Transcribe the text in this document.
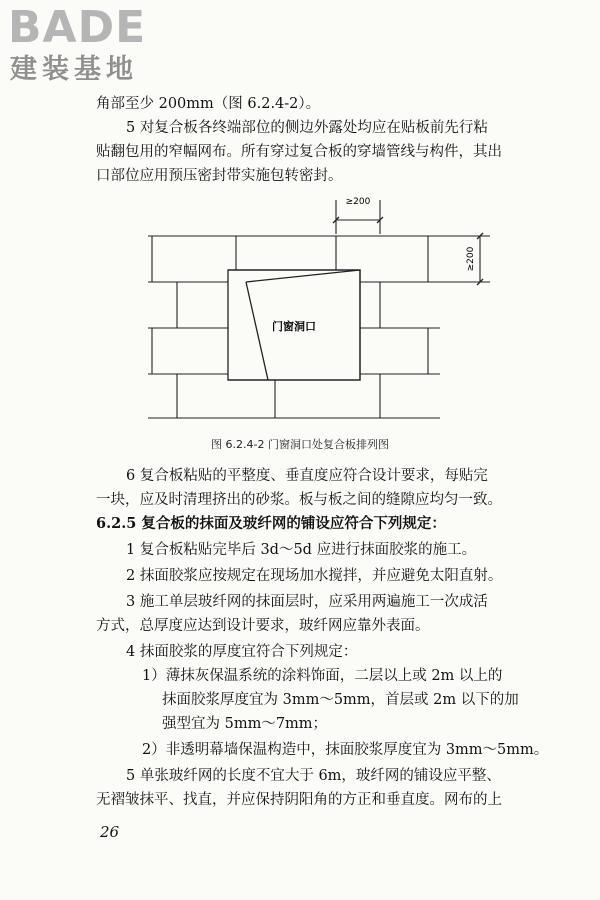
BADE
建装基地
角部至少 200mm（图 6.2.4-2）。
5 对复合板各终端部位的侧边外露处均应在贴板前先行粘
贴翻包用的窄幅网布。所有穿过复合板的穿墙管线与构件，其出
口部位应用预压密封带实施包转密封。
≥200
≥200
门窗洞口
图 6.2.4-2 门窗洞口处复合板排列图
6 复合板粘贴的平整度、垂直度应符合设计要求，每贴完
一块，应及时清理挤出的砂浆。板与板之间的缝隙应均匀一致。
6.2.5 复合板的抹面及玻纤网的铺设应符合下列规定：
1 复合板粘贴完毕后 3d～5d 应进行抹面胶浆的施工。
2 抹面胶浆应按规定在现场加水搅拌，并应避免太阳直射。
3 施工单层玻纤网的抹面层时，应采用两遍施工一次成活
方式，总厚度应达到设计要求，玻纤网应靠外表面。
4 抹面胶浆的厚度宜符合下列规定：
1）薄抹灰保温系统的涂料饰面，二层以上或 2m 以上的
抹面胶浆厚度宜为 3mm～5mm，首层或 2m 以下的加
强型宜为 5mm～7mm；
2）非透明幕墙保温构造中，抹面胶浆厚度宜为 3mm～5mm。
5 单张玻纤网的长度不宜大于 6m，玻纤网的铺设应平整、
无褶皱抹平、找直，并应保持阴阳角的方正和垂直度。网布的上
26
